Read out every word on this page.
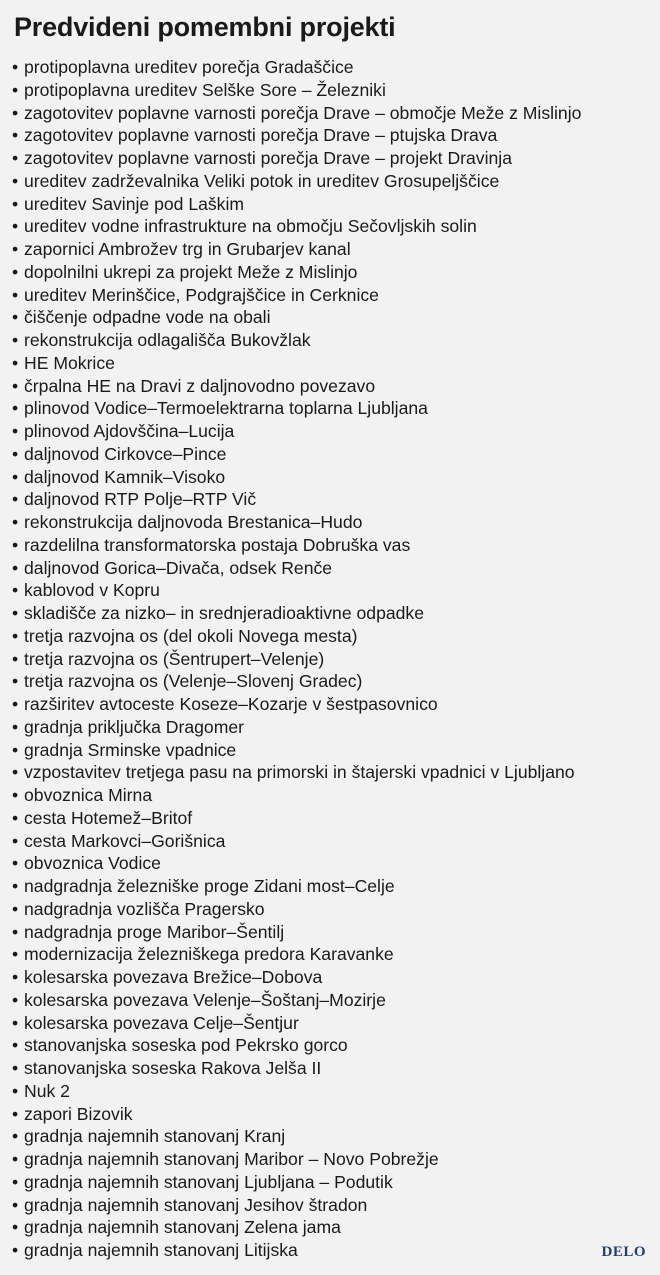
Predvideni pomembni projekti
• protipoplavna ureditev porečja Gradaščice
• protipoplavna ureditev Selške Sore – Železniki
• zagotovitev poplavne varnosti porečja Drave – območje Meže z Mislinjo
• zagotovitev poplavne varnosti porečja Drave – ptujska Drava
• zagotovitev poplavne varnosti porečja Drave – projekt Dravinja
• ureditev zadrževalnika Veliki potok in ureditev Grosupeljščice
• ureditev Savinje pod Laškim
• ureditev vodne infrastrukture na območju Sečovljskih solin
• zapornici Ambrožev trg in Grubarjev kanal
• dopolnilni ukrepi za projekt Meže z Mislinjo
• ureditev Merinščice, Podgrajščice in Cerknice
• čiščenje odpadne vode na obali
• rekonstrukcija odlagališča Bukovžlak
• HE Mokrice
• črpalna HE na Dravi z daljnovodno povezavo
• plinovod Vodice–Termoelektrarna toplarna Ljubljana
• plinovod Ajdovščina–Lucija
• daljnovod Cirkovce–Pince
• daljnovod Kamnik–Visoko
• daljnovod RTP Polje–RTP Vič
• rekonstrukcija daljnovoda Brestanica–Hudo
• razdelilna transformatorska postaja Dobruška vas
• daljnovod Gorica–Divača, odsek Renče
• kablovod v Kopru
• skladišče za nizko– in srednjeradioaktivne odpadke
• tretja razvojna os (del okoli Novega mesta)
• tretja razvojna os (Šentrupert–Velenje)
• tretja razvojna os (Velenje–Slovenj Gradec)
• razširitev avtoceste Koseze–Kozarje v šestpasovnico
• gradnja priključka Dragomer
• gradnja Srminske vpadnice
• vzpostavitev tretjega pasu na primorski in štajerski vpadnici v Ljubljano
• obvoznica Mirna
• cesta Hotemež–Britof
• cesta Markovci–Gorišnica
• obvoznica Vodice
• nadgradnja železniške proge Zidani most–Celje
• nadgradnja vozlišča Pragersko
• nadgradnja proge Maribor–Šentilj
• modernizacija železniškega predora Karavanke
• kolesarska povezava Brežice–Dobova
• kolesarska povezava Velenje–Šoštanj–Mozirje
• kolesarska povezava Celje–Šentjur
• stanovanjska soseska pod Pekrsko gorco
• stanovanjska soseska Rakova Jelša II
• Nuk 2
• zapori Bizovik
• gradnja najemnih stanovanj Kranj
• gradnja najemnih stanovanj Maribor – Novo Pobrežje
• gradnja najemnih stanovanj Ljubljana – Podutik
• gradnja najemnih stanovanj Jesihov štradon
• gradnja najemnih stanovanj Zelena jama
• gradnja najemnih stanovanj Litijska	DELO
